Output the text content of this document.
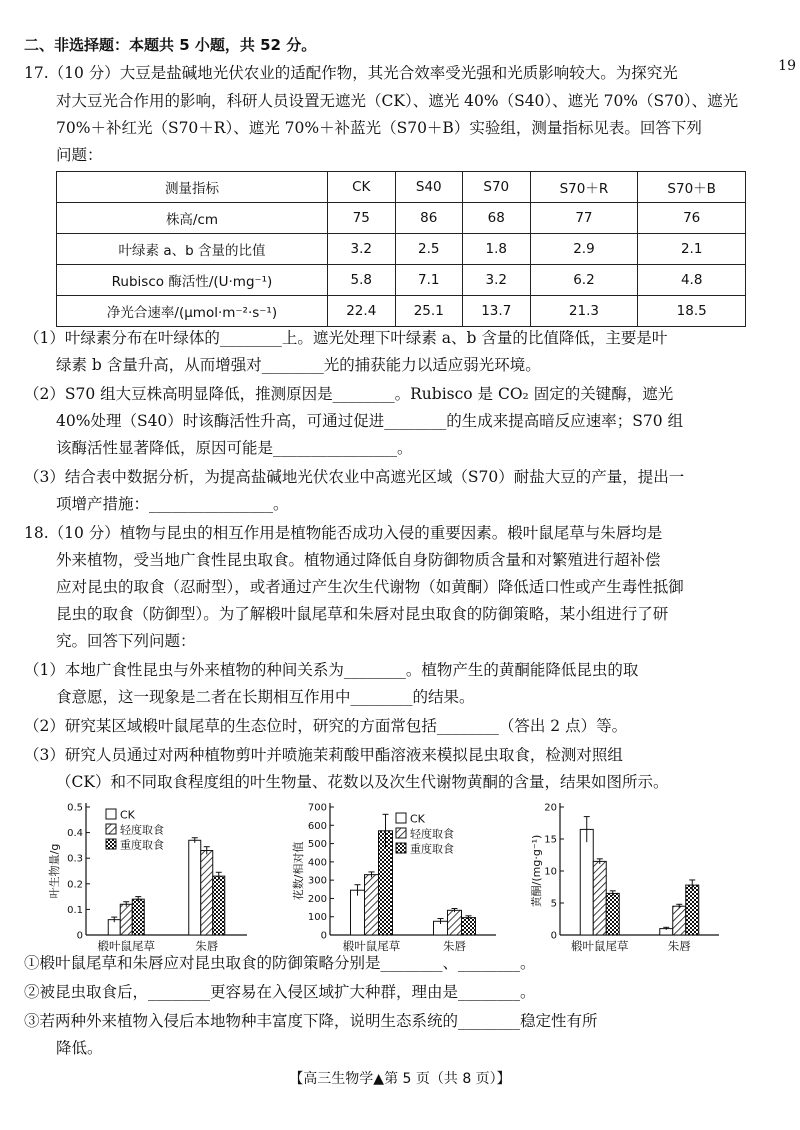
二、非选择题：本题共 5 小题，共 52 分。
19
17.（10 分）大豆是盐碱地光伏农业的适配作物，其光合效率受光强和光质影响较大。为探究光
对大豆光合作用的影响，科研人员设置无遮光（CK）、遮光 40%（S40）、遮光 70%（S70）、遮光
70%＋补红光（S70＋R）、遮光 70%＋补蓝光（S70＋B）实验组，测量指标见表。回答下列
问题：
测量指标	CK	S40	S70	S70＋R	S70＋B
株高/cm	75	86	68	77	76
叶绿素 a、b 含量的比值	3.2	2.5	1.8	2.9	2.1
Rubisco 酶活性/(U·mg⁻¹)	5.8	7.1	3.2	6.2	4.8
净光合速率/(μmol·m⁻²·s⁻¹)	22.4	25.1	13.7	21.3	18.5
（1）叶绿素分布在叶绿体的________上。遮光处理下叶绿素 a、b 含量的比值降低，主要是叶
绿素 b 含量升高，从而增强对________光的捕获能力以适应弱光环境。
（2）S70 组大豆株高明显降低，推测原因是________。Rubisco 是 CO₂ 固定的关键酶，遮光
40%处理（S40）时该酶活性升高，可通过促进________的生成来提高暗反应速率；S70 组
该酶活性显著降低，原因可能是________________。
（3）结合表中数据分析，为提高盐碱地光伏农业中高遮光区域（S70）耐盐大豆的产量，提出一
项增产措施：________________。
18.（10 分）植物与昆虫的相互作用是植物能否成功入侵的重要因素。椴叶鼠尾草与朱唇均是
外来植物，受当地广食性昆虫取食。植物通过降低自身防御物质含量和对繁殖进行超补偿
应对昆虫的取食（忍耐型），或者通过产生次生代谢物（如黄酮）降低适口性或产生毒性抵御
昆虫的取食（防御型）。为了解椴叶鼠尾草和朱唇对昆虫取食的防御策略，某小组进行了研
究。回答下列问题：
（1）本地广食性昆虫与外来植物的种间关系为________。植物产生的黄酮能降低昆虫的取
食意愿，这一现象是二者在长期相互作用中________的结果。
（2）研究某区域椴叶鼠尾草的生态位时，研究的方面常包括________（答出 2 点）等。
（3）研究人员通过对两种植物剪叶并喷施茉莉酸甲酯溶液来模拟昆虫取食，检测对照组
0
0.1
0.2
0.3
0.4
0.5
叶生物量/g
椴叶鼠尾草	朱唇
CK
轻度取食
重度取食
0
100
200
300
400
500
600
700
花数/相对值
椴叶鼠尾草	朱唇
CK
轻度取食
重度取食
0
5
10
15
20
黄酮/(mg·g⁻¹)
椴叶鼠尾草	朱唇
①椴叶鼠尾草和朱唇应对昆虫取食的防御策略分别是________、________。
②被昆虫取食后，________更容易在入侵区域扩大种群，理由是________。
③若两种外来植物入侵后本地物种丰富度下降，说明生态系统的________稳定性有所
降低。
【高三生物学▲第 5 页（共 8 页）】
（CK）和不同取食程度组的叶生物量、花数以及次生代谢物黄酮的含量，结果如图所示。
